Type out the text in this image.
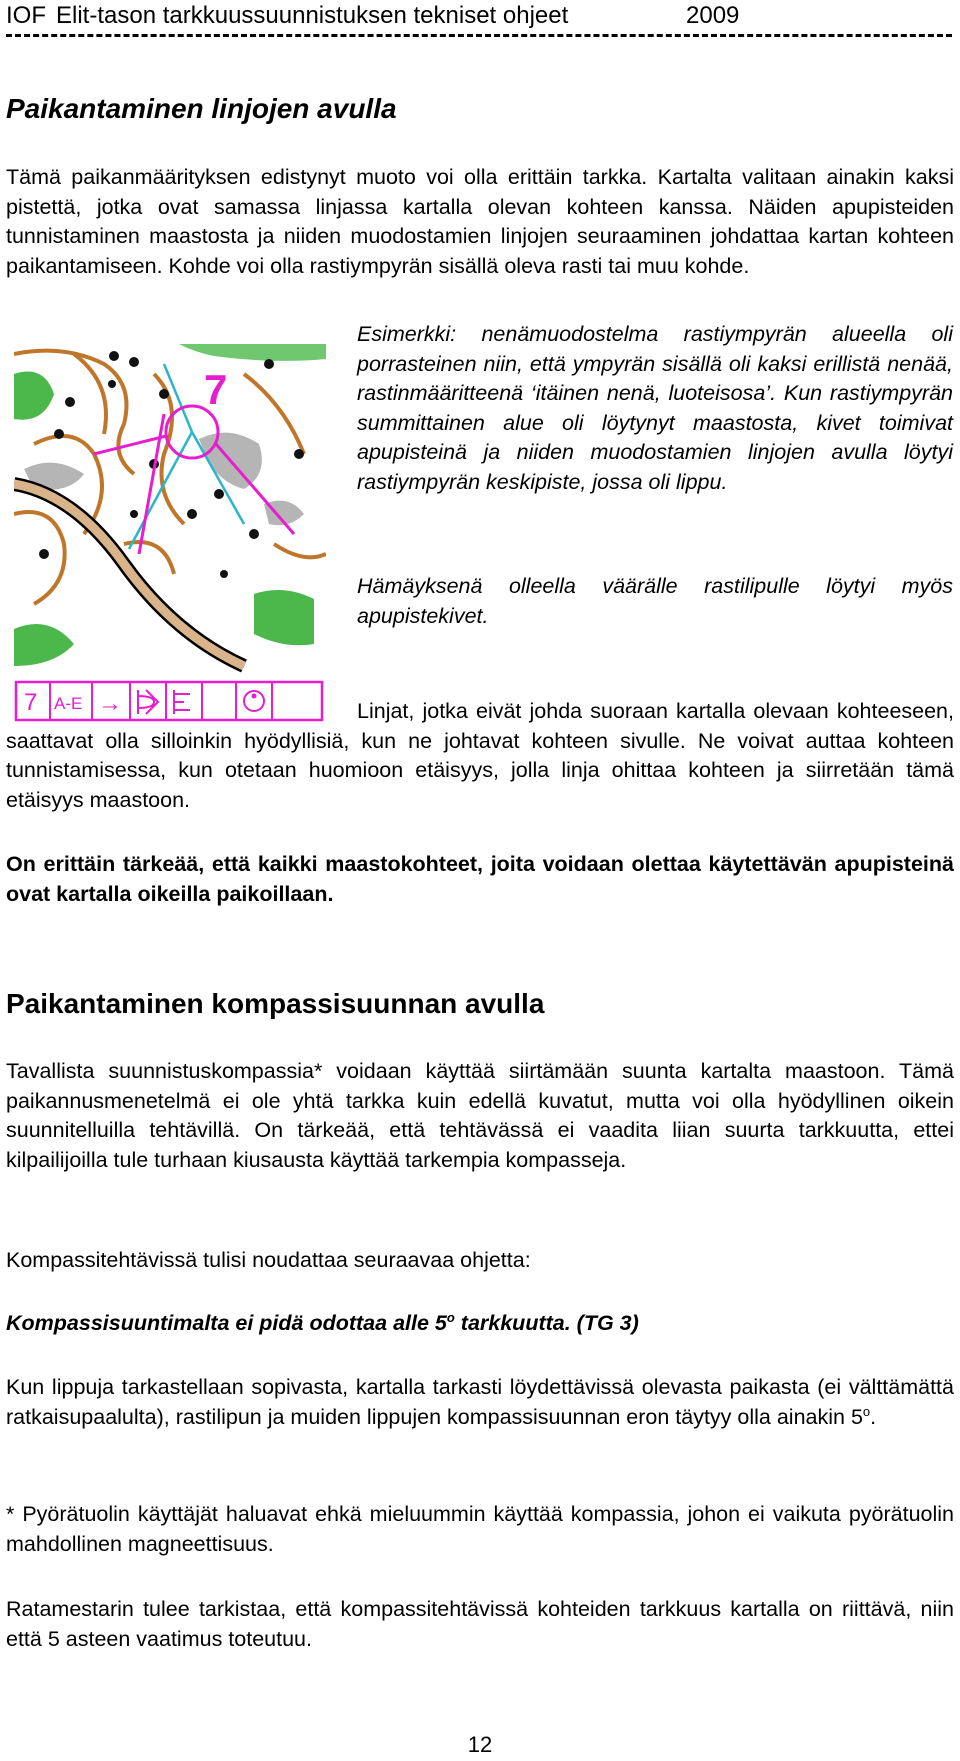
IOF Elit-tason tarkkuussuunnistuksen tekniset ohjeet	2009
Paikantaminen linjojen avulla

Tämä paikanmäärityksen edistynyt muoto voi olla erittäin tarkka. Kartalta valitaan ainakin kaksi pistettä, jotka ovat samassa linjassa kartalla olevan kohteen kanssa. Näiden apupisteiden tunnistaminen maastosta ja niiden muodostamien linjojen seuraaminen johdattaa kartan kohteen paikantamiseen. Kohde voi olla rastiympyrän sisällä oleva rasti tai muu kohde.

Esimerkki: nenämuodostelma rastiympyrän alueella oli porrasteinen niin, että ympyrän sisällä oli kaksi erillistä nenää, rastinmääritteenä ‘itäinen nenä, luoteisosa’. Kun rastiympyrän summittainen alue oli löytynyt maastosta, kivet toimivat apupisteinä ja niiden muodostamien linjojen avulla löytyi rastiympyrän keskipiste, jossa oli lippu.

Hämäyksenä olleella väärälle rastilipulle löytyi myös apupistekivet.

7
7 A-E →	Linjat, jotka eivät johda suoraan kartalla olevaan kohteeseen, saattavat olla silloinkin hyödyllisiä, kun ne johtavat kohteen sivulle. Ne voivat auttaa kohteen tunnistamisessa, kun otetaan huomioon etäisyys, jolla linja ohittaa kohteen ja siirretään tämä etäisyys maastoon.

On erittäin tärkeää, että kaikki maastokohteet, joita voidaan olettaa käytettävän apupisteinä ovat kartalla oikeilla paikoillaan.

Paikantaminen kompassisuunnan avulla

Tavallista suunnistuskompassia* voidaan käyttää siirtämään suunta kartalta maastoon. Tämä paikannusmenetelmä ei ole yhtä tarkka kuin edellä kuvatut, mutta voi olla hyödyllinen oikein suunnitelluilla tehtävillä. On tärkeää, että tehtävässä ei vaadita liian suurta tarkkuutta, ettei kilpailijoilla tule turhaan kiusausta käyttää tarkempia kompasseja.

Kompassitehtävissä tulisi noudattaa seuraavaa ohjetta:

Kompassisuuntimalta ei pidä odottaa alle 5$^o$ tarkkuutta. (TG 3)

Kun lippuja tarkastellaan sopivasta, kartalla tarkasti löydettävissä olevasta paikasta (ei välttämättä ratkaisupaalulta), rastilipun ja muiden lippujen kompassisuunnan eron täytyy olla ainakin 5$^o$.

* Pyörätuolin käyttäjät haluavat ehkä mieluummin käyttää kompassia, johon ei vaikuta pyörätuolin mahdollinen magneettisuus.

Ratamestarin tulee tarkistaa, että kompassitehtävissä kohteiden tarkkuus kartalla on riittävä, niin että 5 asteen vaatimus toteutuu.

12
